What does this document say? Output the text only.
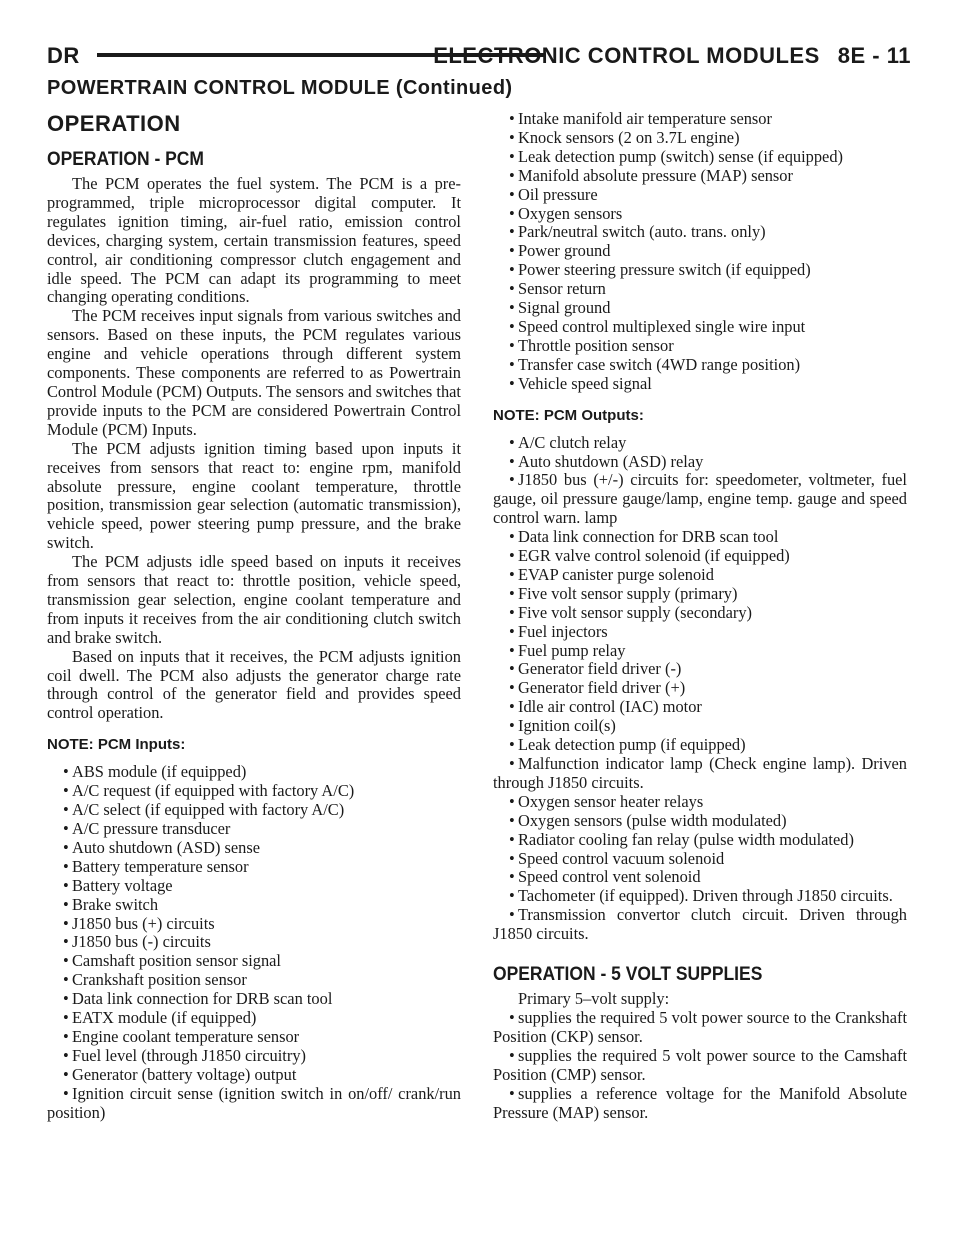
DR	ELECTRONIC CONTROL MODULES 8E - 11
POWERTRAIN CONTROL MODULE (Continued)
OPERATION
OPERATION - PCM

The PCM operates the fuel system. The PCM is a pre-programmed, triple microprocessor digital computer. It regulates ignition timing, air-fuel ratio, emission control devices, charging system, certain transmission features, speed control, air conditioning compressor clutch engagement and idle speed. The PCM can adapt its programming to meet changing operating conditions.

The PCM receives input signals from various switches and sensors. Based on these inputs, the PCM regulates various engine and vehicle operations through different system components. These components are referred to as Powertrain Control Module (PCM) Outputs. The sensors and switches that provide inputs to the PCM are considered Powertrain Control Module (PCM) Inputs.

The PCM adjusts ignition timing based upon inputs it receives from sensors that react to: engine rpm, manifold absolute pressure, engine coolant temperature, throttle position, transmission gear selection (automatic transmission), vehicle speed, power steering pump pressure, and the brake switch.

The PCM adjusts idle speed based on inputs it receives from sensors that react to: throttle position, vehicle speed, transmission gear selection, engine coolant temperature and from inputs it receives from the air conditioning clutch switch and brake switch.

Based on inputs that it receives, the PCM adjusts ignition coil dwell. The PCM also adjusts the generator charge rate through control of the generator field and provides speed control operation.

NOTE: PCM Inputs:
• ABS module (if equipped)
• A/C request (if equipped with factory A/C)
• A/C select (if equipped with factory A/C)
• A/C pressure transducer
• Auto shutdown (ASD) sense
• Battery temperature sensor
• Battery voltage
• Brake switch
• J1850 bus (+) circuits
• J1850 bus (-) circuits
• Camshaft position sensor signal
• Crankshaft position sensor
• Data link connection for DRB scan tool
• EATX module (if equipped)
• Engine coolant temperature sensor
• Fuel level (through J1850 circuitry)
• Generator (battery voltage) output
• Ignition circuit sense (ignition switch in on/off/ crank/run position)
• Intake manifold air temperature sensor
• Knock sensors (2 on 3.7L engine)
• Leak detection pump (switch) sense (if equipped)
• Manifold absolute pressure (MAP) sensor
• Oil pressure
• Oxygen sensors
• Park/neutral switch (auto. trans. only)
• Power ground
• Power steering pressure switch (if equipped)
• Sensor return
• Signal ground
• Speed control multiplexed single wire input
• Throttle position sensor
• Transfer case switch (4WD range position)
• Vehicle speed signal
NOTE: PCM Outputs:
• A/C clutch relay
• Auto shutdown (ASD) relay
• J1850 bus (+/-) circuits for: speedometer, voltmeter, fuel gauge, oil pressure gauge/lamp, engine temp. gauge and speed control warn. lamp
• Data link connection for DRB scan tool
• EGR valve control solenoid (if equipped)
• EVAP canister purge solenoid
• Five volt sensor supply (primary)
• Five volt sensor supply (secondary)
• Fuel injectors
• Fuel pump relay
• Generator field driver (-)
• Generator field driver (+)
• Idle air control (IAC) motor
• Ignition coil(s)
• Leak detection pump (if equipped)
• Malfunction indicator lamp (Check engine lamp). Driven through J1850 circuits.
• Oxygen sensor heater relays
• Oxygen sensors (pulse width modulated)
• Radiator cooling fan relay (pulse width modulated)
• Speed control vacuum solenoid
• Speed control vent solenoid
• Tachometer (if equipped). Driven through J1850 circuits.
• Transmission convertor clutch circuit. Driven through J1850 circuits.
OPERATION - 5 VOLT SUPPLIES

Primary 5–volt supply:

• supplies the required 5 volt power source to the Crankshaft Position (CKP) sensor.
• supplies the required 5 volt power source to the Camshaft Position (CMP) sensor.
• supplies a reference voltage for the Manifold Absolute Pressure (MAP) sensor.
